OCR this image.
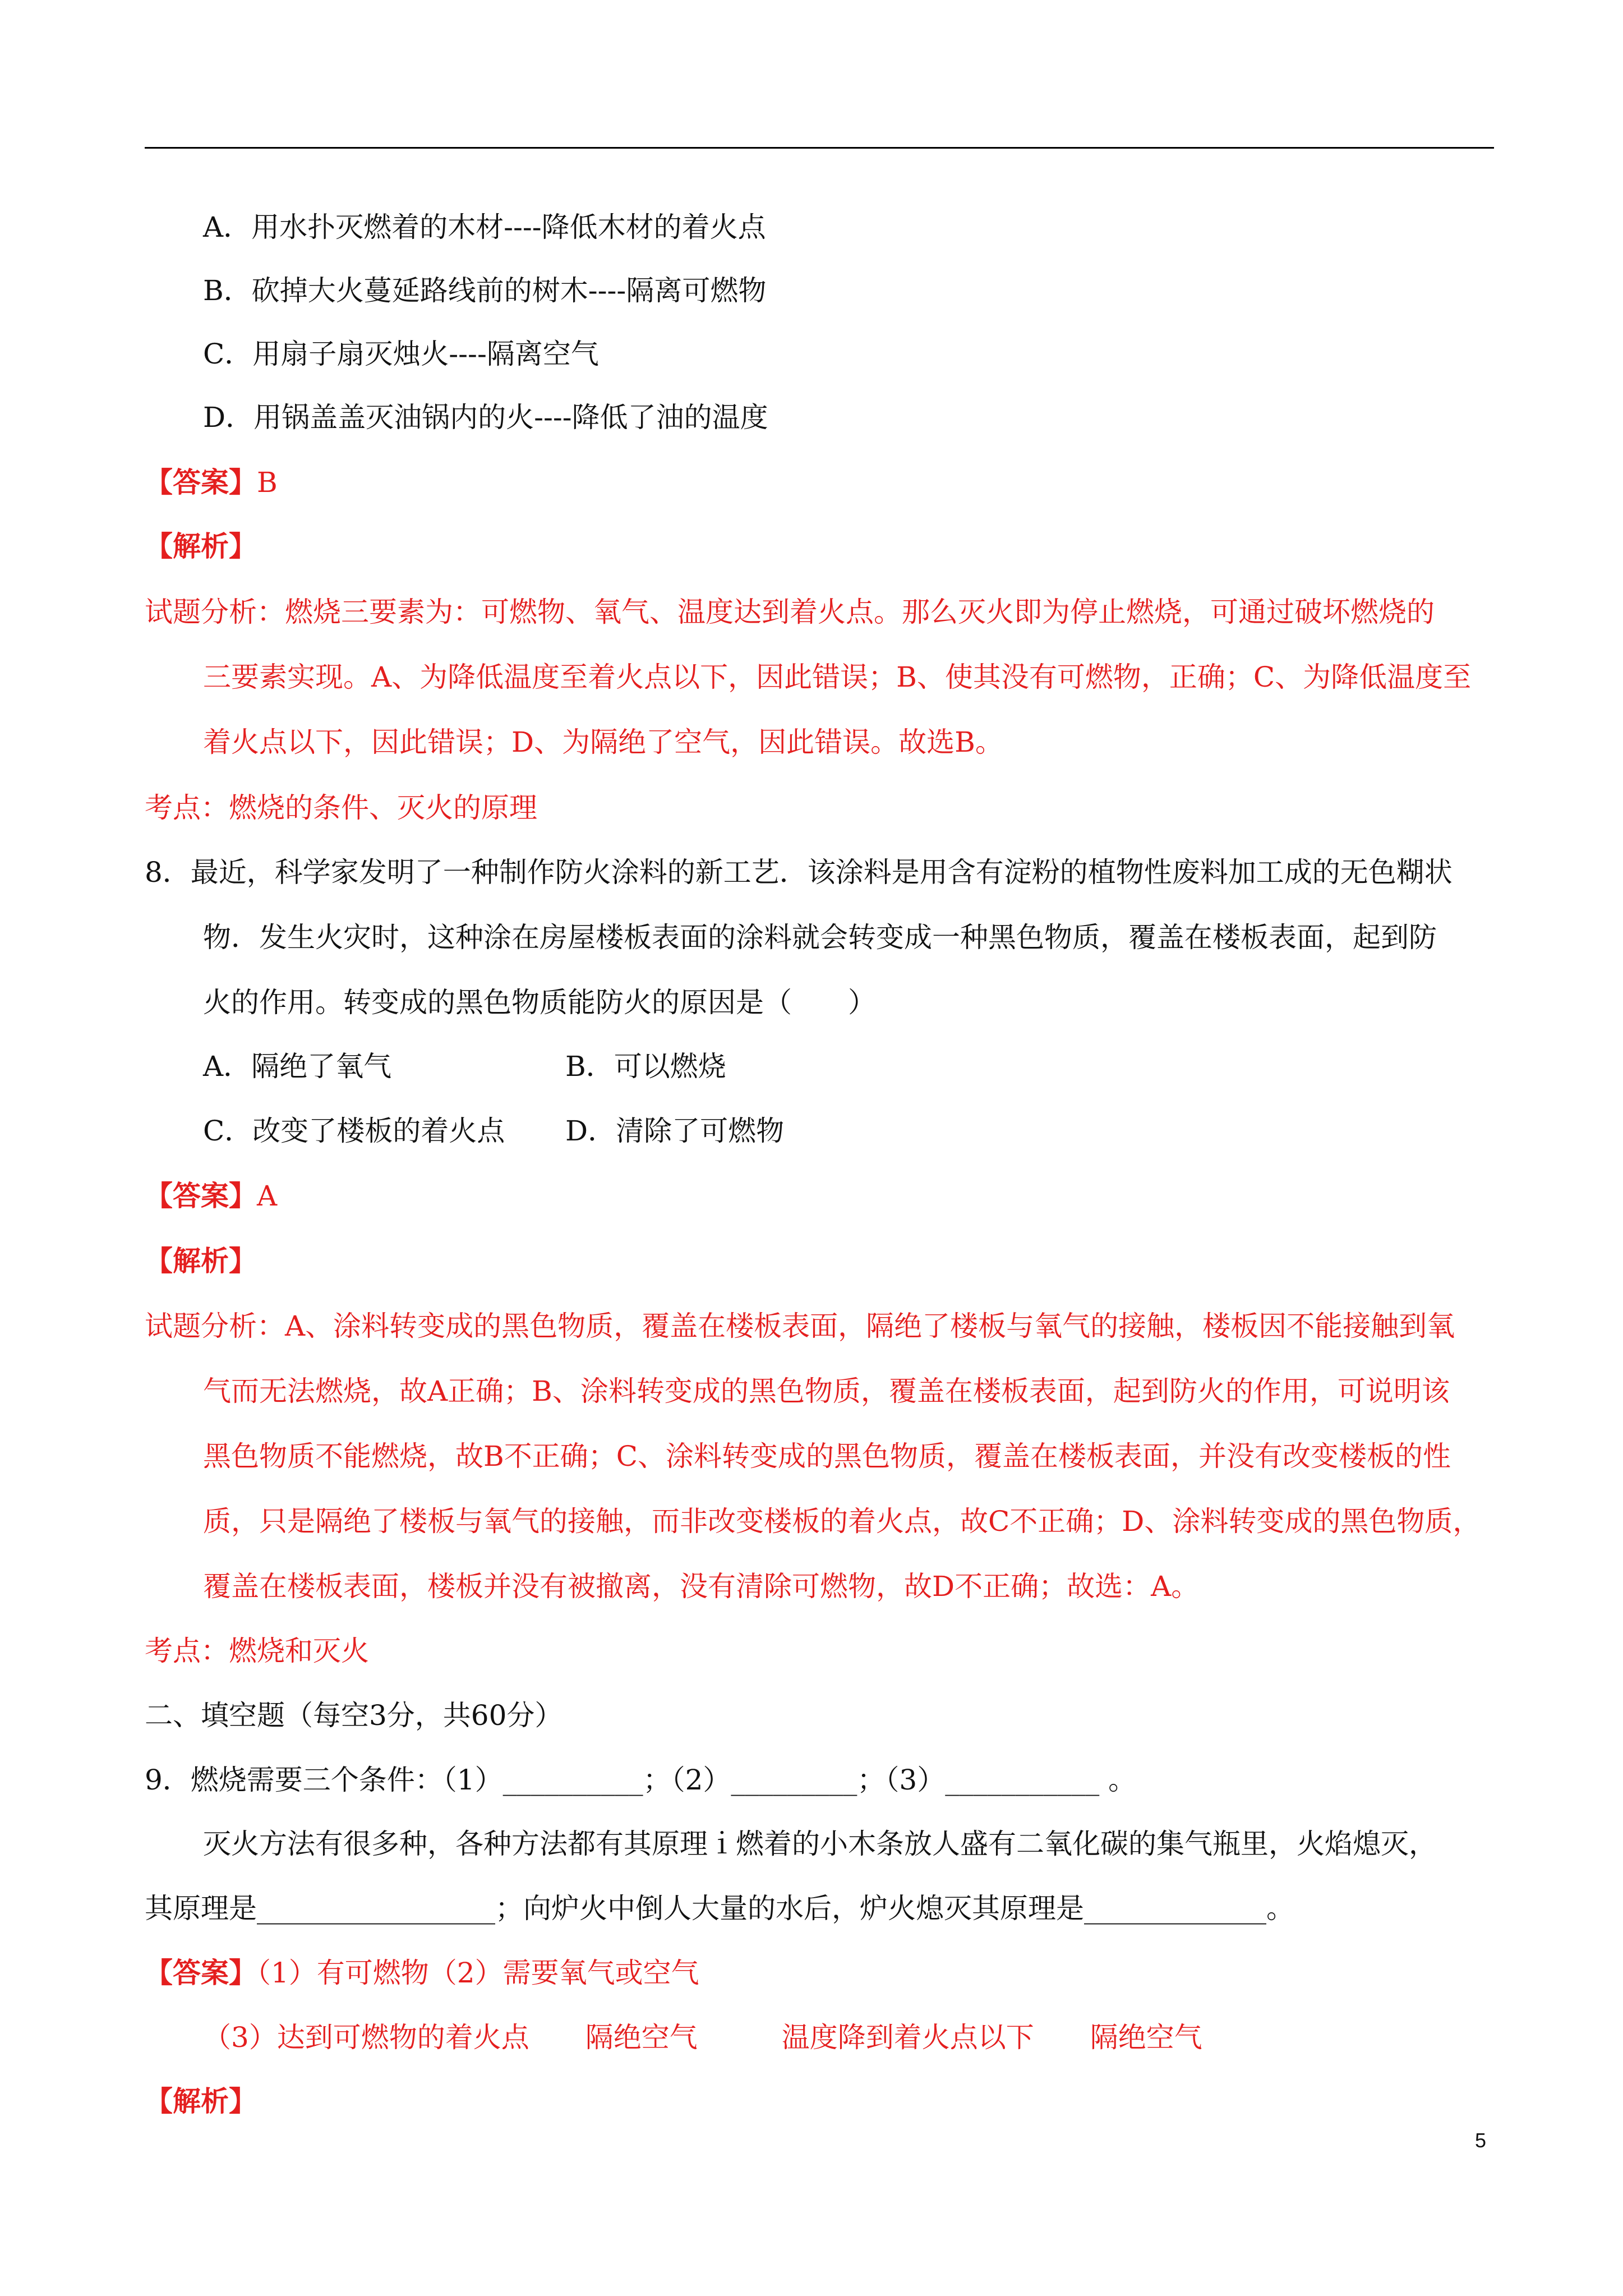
A．用水扑灭燃着的木材----降低木材的着火点
B．砍掉大火蔓延路线前的树木----隔离可燃物
C．用扇子扇灭烛火----隔离空气
D．用锅盖盖灭油锅内的火----降低了油的温度
【答案】B
【解析】
试题分析：燃烧三要素为：可燃物、氧气、温度达到着火点。那么灭火即为停止燃烧，可通过破坏燃烧的
三要素实现。A、为降低温度至着火点以下，因此错误；B、使其没有可燃物，正确；C、为降低温度至
着火点以下，因此错误；D、为隔绝了空气，因此错误。故选B。
考点：燃烧的条件、灭火的原理
8．最近，科学家发明了一种制作防火涂料的新工艺．该涂料是用含有淀粉的植物性废料加工成的无色糊状
物．发生火灾时，这种涂在房屋楼板表面的涂料就会转变成一种黑色物质，覆盖在楼板表面，起到防
火的作用。转变成的黑色物质能防火的原因是（　　）
A．隔绝了氧气	B．可以燃烧
C．改变了楼板的着火点 D．清除了可燃物
【答案】A
【解析】
试题分析：A、涂料转变成的黑色物质，覆盖在楼板表面，隔绝了楼板与氧气的接触，楼板因不能接触到氧
气而无法燃烧，故A正确；B、涂料转变成的黑色物质，覆盖在楼板表面，起到防火的作用，可说明该
黑色物质不能燃烧，故B不正确；C、涂料转变成的黑色物质，覆盖在楼板表面，并没有改变楼板的性
质，只是隔绝了楼板与氧气的接触，而非改变楼板的着火点，故C不正确；D、涂料转变成的黑色物质，
覆盖在楼板表面，楼板并没有被撤离，没有清除可燃物，故D不正确；故选：A。
考点：燃烧和灭火
二、填空题（每空3分，共60分）
9．燃烧需要三个条件：（1）__________；（2）_________；（3）___________ 。
灭火方法有很多种，各种方法都有其原理ｉ燃着的小木条放人盛有二氧化碳的集气瓶里，火焰熄灭，
其原理是_________________；向炉火中倒人大量的水后，炉火熄灭其原理是_____________。
【答案】（1）有可燃物（2）需要氧气或空气
（3）达到可燃物的着火点　　隔绝空气　　　温度降到着火点以下　　隔绝空气
【解析】
5
